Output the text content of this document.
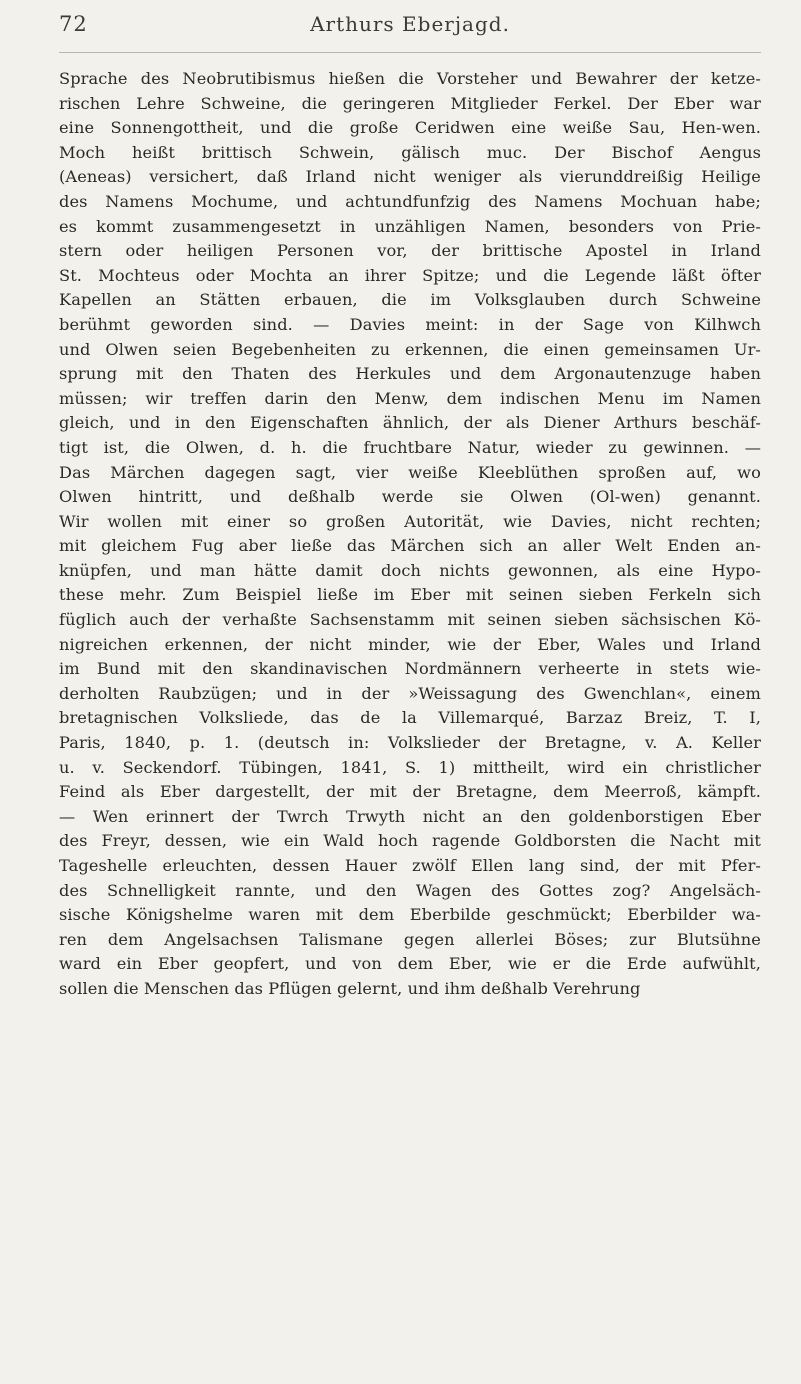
72	Arthurs Eberjagd.

Sprache des Neobrutibismus hießen die Vorsteher und Bewahrer der ketze-
rischen Lehre Schweine, die geringeren Mitglieder Ferkel. Der Eber war
eine Sonnengottheit, und die große Ceridwen eine weiße Sau, Hen-wen.
Moch heißt brittisch Schwein, gälisch muc. Der Bischof Aengus
(Aeneas) versichert, daß Irland nicht weniger als vierunddreißig Heilige
des Namens Mochume, und achtundfunfzig des Namens Mochuan habe;
es kommt zusammengesetzt in unzähligen Namen, besonders von Prie-
stern oder heiligen Personen vor, der brittische Apostel in Irland
St. Mochteus oder Mochta an ihrer Spitze; und die Legende läßt öfter
Kapellen an Stätten erbauen, die im Volksglauben durch Schweine
berühmt geworden sind. — Davies meint: in der Sage von Kilhwch
und Olwen seien Begebenheiten zu erkennen, die einen gemeinsamen Ur-
sprung mit den Thaten des Herkules und dem Argonautenzuge haben
müssen; wir treffen darin den Menw, dem indischen Menu im Namen
gleich, und in den Eigenschaften ähnlich, der als Diener Arthurs beschäf-
tigt ist, die Olwen, d. h. die fruchtbare Natur, wieder zu gewinnen. —
Das Märchen dagegen sagt, vier weiße Kleeblüthen sproßen auf, wo
Olwen hintritt, und deßhalb werde sie Olwen (Ol-wen) genannt.
Wir wollen mit einer so großen Autorität, wie Davies, nicht rechten;
mit gleichem Fug aber ließe das Märchen sich an aller Welt Enden an-
knüpfen, und man hätte damit doch nichts gewonnen, als eine Hypo-
these mehr. Zum Beispiel ließe im Eber mit seinen sieben Ferkeln sich
füglich auch der verhaßte Sachsenstamm mit seinen sieben sächsischen Kö-
nigreichen erkennen, der nicht minder, wie der Eber, Wales und Irland
im Bund mit den skandinavischen Nordmännern verheerte in stets wie-
derholten Raubzügen; und in der »Weissagung des Gwenchlan«, einem
bretagnischen Volksliede, das de la Villemarqué, Barzaz Breiz, T. I,
Paris, 1840, p. 1. (deutsch in: Volkslieder der Bretagne, v. A. Keller
u. v. Seckendorf. Tübingen, 1841, S. 1) mittheilt, wird ein christlicher
Feind als Eber dargestellt, der mit der Bretagne, dem Meerroß, kämpft.
— Wen erinnert der Twrch Trwyth nicht an den goldenborstigen Eber
des Freyr, dessen, wie ein Wald hoch ragende Goldborsten die Nacht mit
Tageshelle erleuchten, dessen Hauer zwölf Ellen lang sind, der mit Pfer-
des Schnelligkeit rannte, und den Wagen des Gottes zog? Angelsäch-
sische Königshelme waren mit dem Eberbilde geschmückt; Eberbilder wa-
ren dem Angelsachsen Talismane gegen allerlei Böses; zur Blutsühne
ward ein Eber geopfert, und von dem Eber, wie er die Erde aufwühlt,
sollen die Menschen das Pflügen gelernt, und ihm deßhalb Verehrung
